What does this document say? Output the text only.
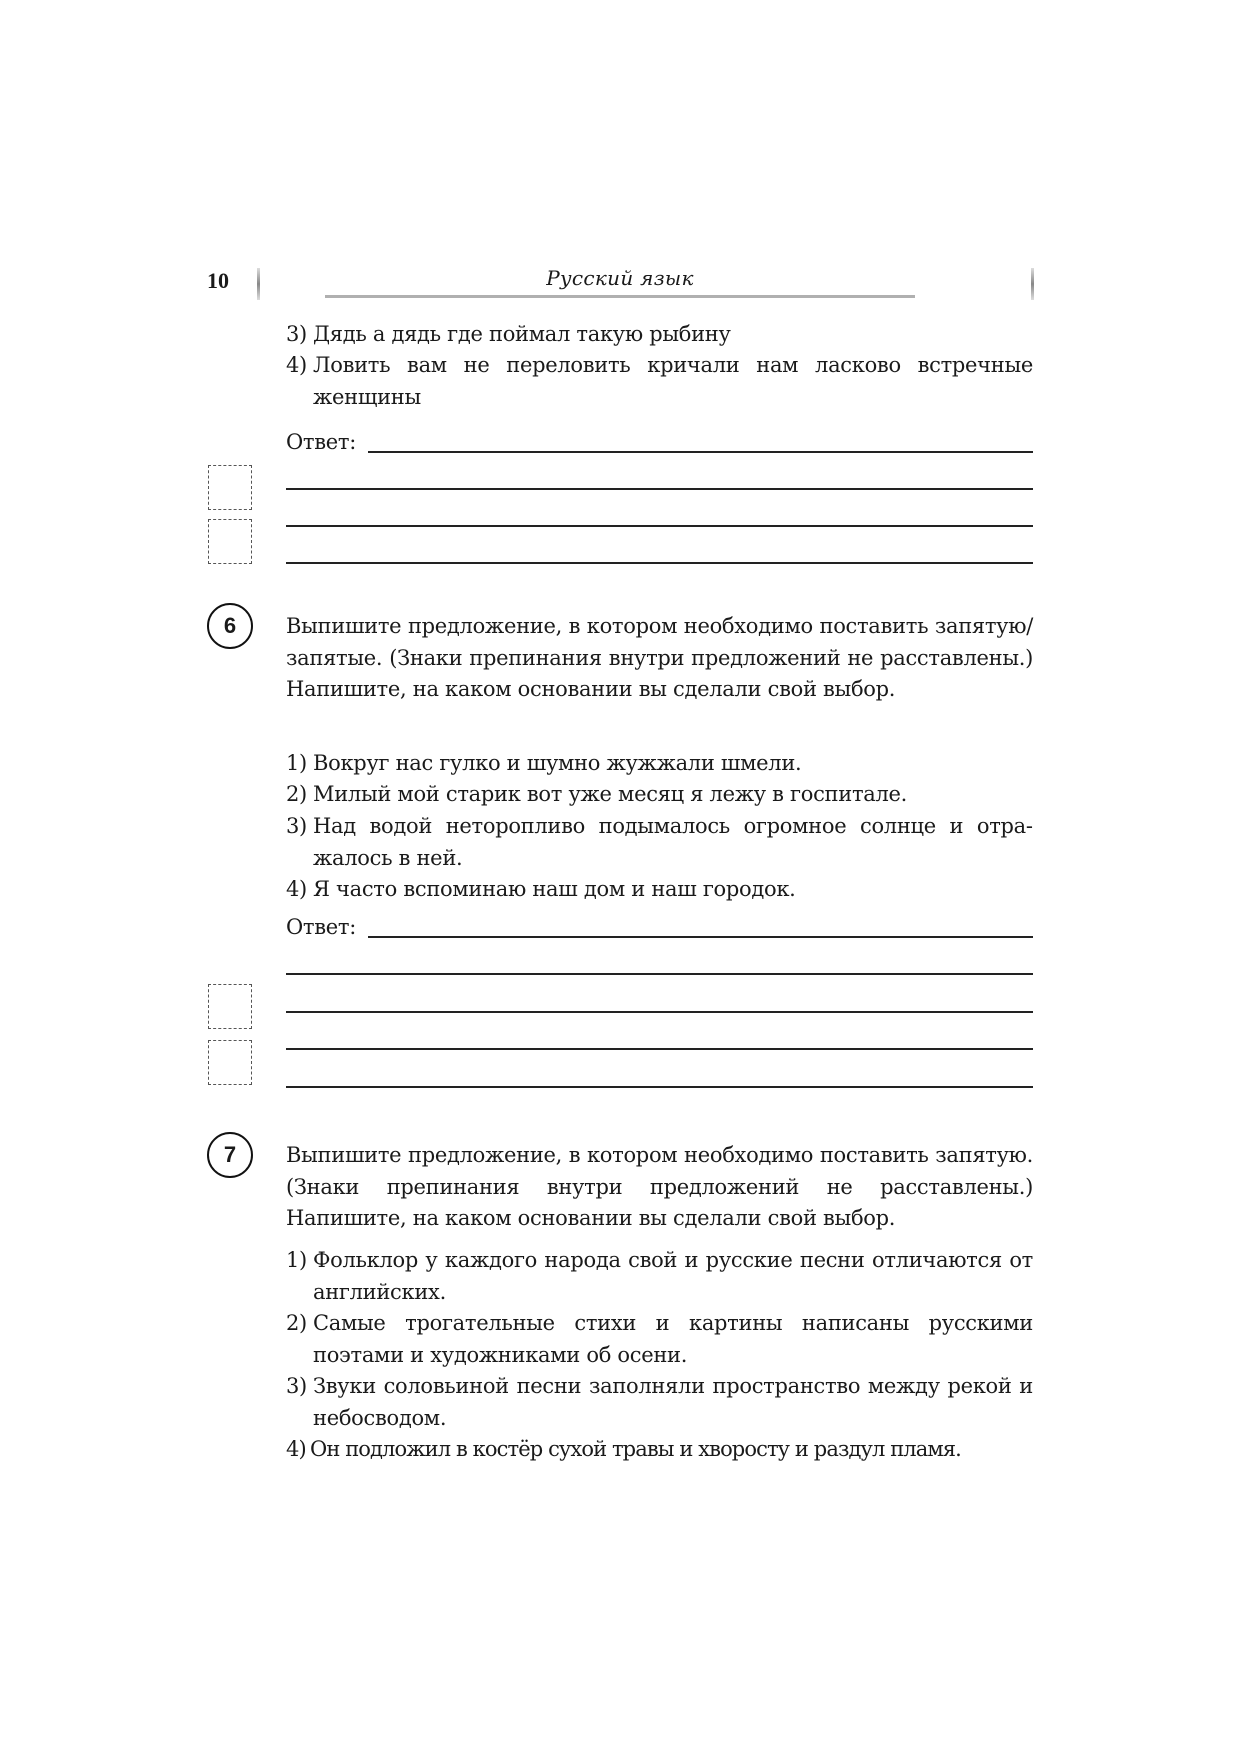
10	Русский язык
3) Дядь а дядь где поймал такую рыбину
4) Ловить вам не переловить кричали нам ласково встречные женщины
Ответ:
6	Выпишите предложение, в котором необходимо поставить запятую/запятые. (Знаки препинания внутри предложений не расставлены.) Напишите, на каком основании вы сделали свой выбор.
1) Вокруг нас гулко и шумно жужжали шмели.
2) Милый мой старик вот уже месяц я лежу в госпитале.
3) Над водой неторопливо подымалось огромное солнце и отражалось в ней.
4) Я часто вспоминаю наш дом и наш городок.
Ответ:
7	Выпишите предложение, в котором необходимо поставить запятую. (Знаки препинания внутри предложений не расставлены.) Напишите, на каком основании вы сделали свой выбор.
1) Фольклор у каждого народа свой и русские песни отличаются от английских.
2) Самые трогательные стихи и картины написаны русскими поэтами и художниками об осени.
3) Звуки соловьиной песни заполняли пространство между рекой и небосводом.
4) Он подложил в костёр сухой травы и хворосту и раздул пламя.
